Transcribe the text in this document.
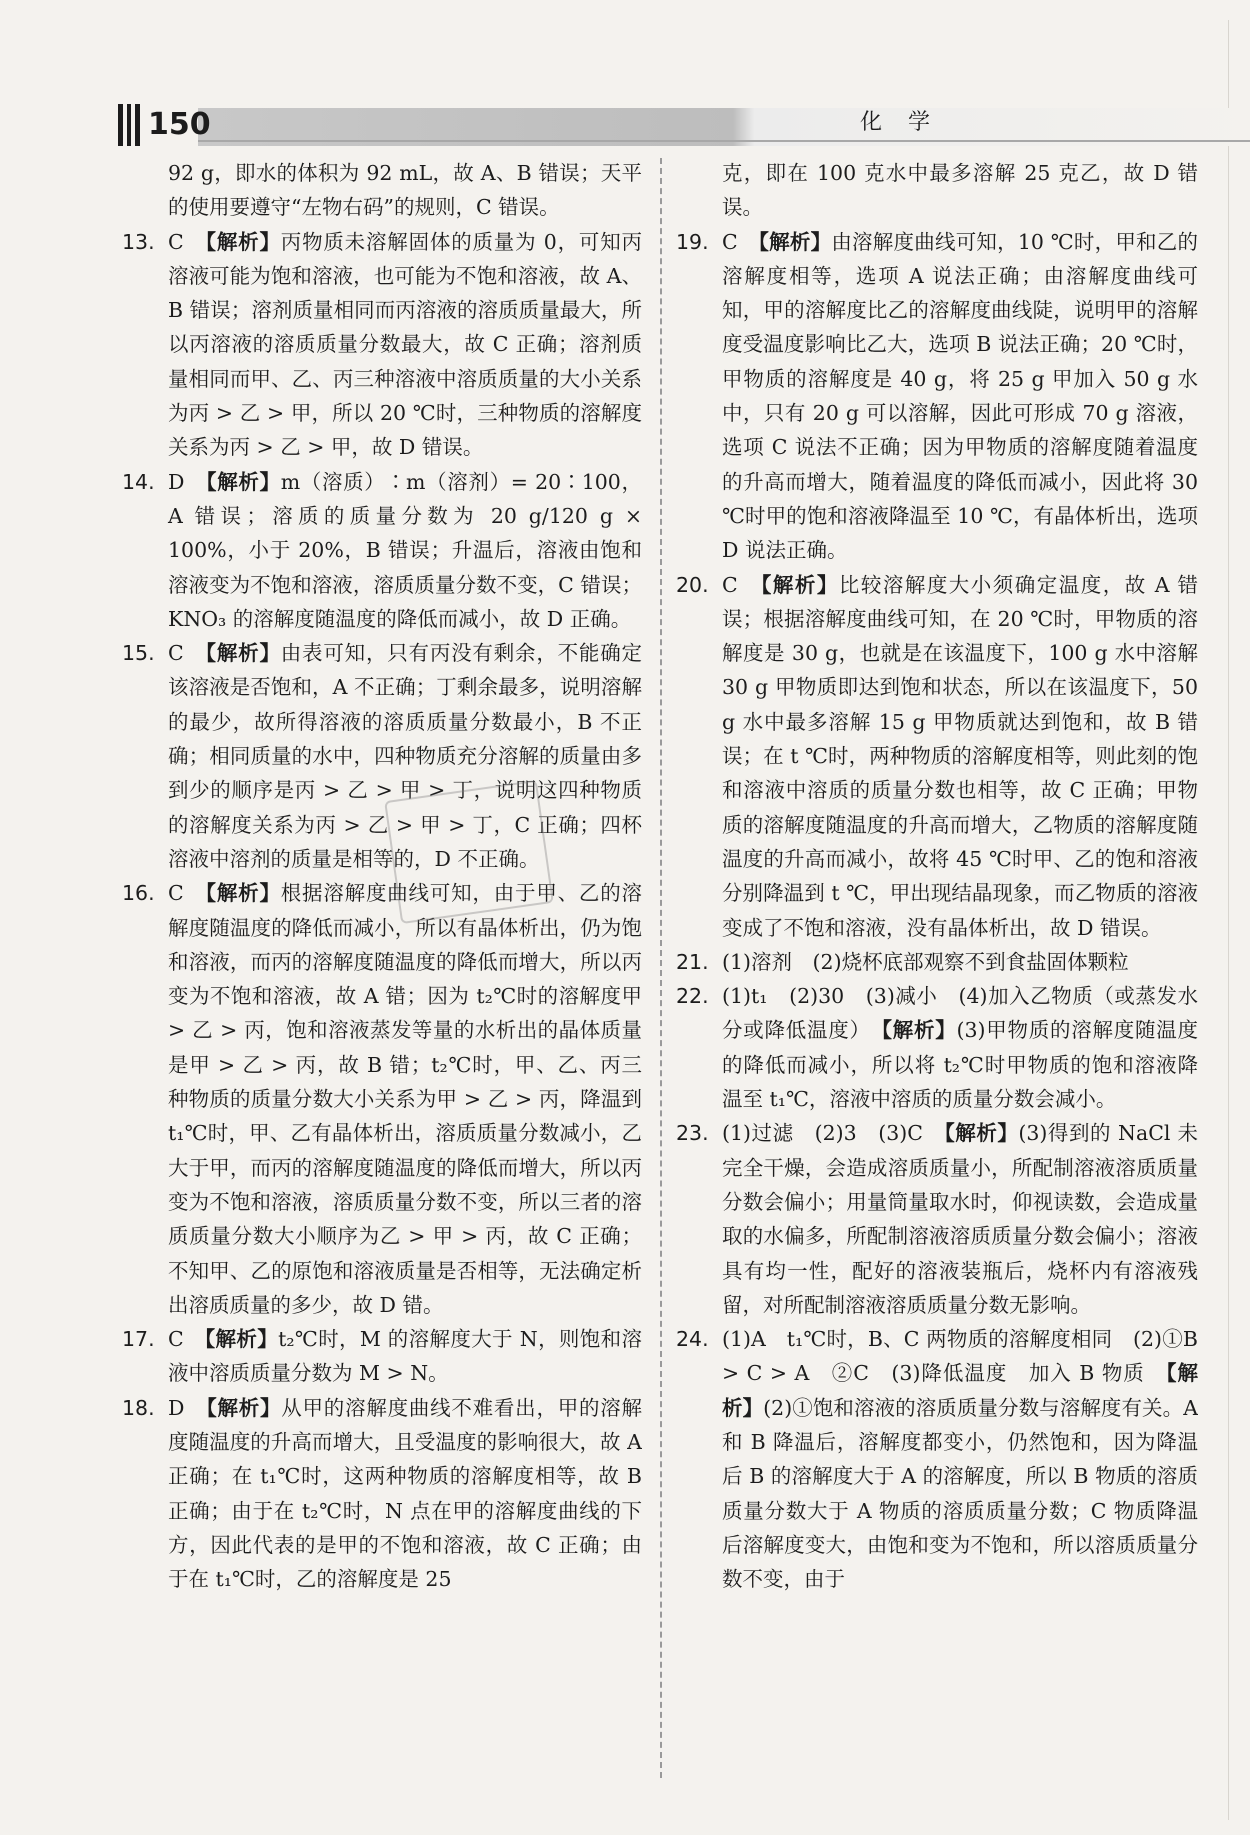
150	化学

92 g，即水的体积为 92 mL，故 A、B 错误；天平的使用要遵守“左物右码”的规则，C 错误。

13. C　【解析】丙物质未溶解固体的质量为 0，可知丙溶液可能为饱和溶液，也可能为不饱和溶液，故 A、B 错误；溶剂质量相同而丙溶液的溶质质量最大，所以丙溶液的溶质质量分数最大，故 C 正确；溶剂质量相同而甲、乙、丙三种溶液中溶质质量的大小关系为丙 > 乙 > 甲，所以 20 ℃时，三种物质的溶解度关系为丙 > 乙 > 甲，故 D 错误。

14. D　【解析】m（溶质）∶m（溶剂）= 20∶100，A 错误；溶质的质量分数为 20 g/120 g × 100%，小于 20%，B 错误；升温后，溶液由饱和溶液变为不饱和溶液，溶质质量分数不变，C 错误；KNO₃ 的溶解度随温度的降低而减小，故 D 正确。

15. C　【解析】由表可知，只有丙没有剩余，不能确定该溶液是否饱和，A 不正确；丁剩余最多，说明溶解的最少，故所得溶液的溶质质量分数最小，B 不正确；相同质量的水中，四种物质充分溶解的质量由多到少的顺序是丙 > 乙 > 甲 > 丁，说明这四种物质的溶解度关系为丙 > 乙 > 甲 > 丁，C 正确；四杯溶液中溶剂的质量是相等的，D 不正确。

16. C　【解析】根据溶解度曲线可知，由于甲、乙的溶解度随温度的降低而减小，所以有晶体析出，仍为饱和溶液，而丙的溶解度随温度的降低而增大，所以丙变为不饱和溶液，故 A 错；因为 t₂℃时的溶解度甲 > 乙 > 丙，饱和溶液蒸发等量的水析出的晶体质量是甲 > 乙 > 丙，故 B 错；t₂℃时，甲、乙、丙三种物质的质量分数大小关系为甲 > 乙 > 丙，降温到 t₁℃时，甲、乙有晶体析出，溶质质量分数减小，乙大于甲，而丙的溶解度随温度的降低而增大，所以丙变为不饱和溶液，溶质质量分数不变，所以三者的溶质质量分数大小顺序为乙 > 甲 > 丙，故 C 正确；不知甲、乙的原饱和溶液质量是否相等，无法确定析出溶质质量的多少，故 D 错。

17. C　【解析】t₂℃时，M 的溶解度大于 N，则饱和溶液中溶质质量分数为 M > N。

18. D　【解析】从甲的溶解度曲线不难看出，甲的溶解度随温度的升高而增大，且受温度的影响很大，故 A 正确；在 t₁℃时，这两种物质的溶解度相等，故 B 正确；由于在 t₂℃时，N 点在甲的溶解度曲线的下方，因此代表的是甲的不饱和溶液，故 C 正确；由于在 t₁℃时，乙的溶解度是 25

克，即在 100 克水中最多溶解 25 克乙，故 D 错误。

19. C　【解析】由溶解度曲线可知，10 ℃时，甲和乙的溶解度相等，选项 A 说法正确；由溶解度曲线可知，甲的溶解度比乙的溶解度曲线陡，说明甲的溶解度受温度影响比乙大，选项 B 说法正确；20 ℃时，甲物质的溶解度是 40 g，将 25 g 甲加入 50 g 水中，只有 20 g 可以溶解，因此可形成 70 g 溶液，选项 C 说法不正确；因为甲物质的溶解度随着温度的升高而增大，随着温度的降低而减小，因此将 30 ℃时甲的饱和溶液降温至 10 ℃，有晶体析出，选项 D 说法正确。

20. C　【解析】比较溶解度大小须确定温度，故 A 错误；根据溶解度曲线可知，在 20 ℃时，甲物质的溶解度是 30 g，也就是在该温度下，100 g 水中溶解 30 g 甲物质即达到饱和状态，所以在该温度下，50 g 水中最多溶解 15 g 甲物质就达到饱和，故 B 错误；在 t ℃时，两种物质的溶解度相等，则此刻的饱和溶液中溶质的质量分数也相等，故 C 正确；甲物质的溶解度随温度的升高而增大，乙物质的溶解度随温度的升高而减小，故将 45 ℃时甲、乙的饱和溶液分别降温到 t ℃，甲出现结晶现象，而乙物质的溶液变成了不饱和溶液，没有晶体析出，故 D 错误。

21. (1)溶剂　(2)烧杯底部观察不到食盐固体颗粒

22. (1)t₁　(2)30　(3)减小　(4)加入乙物质（或蒸发水分或降低温度）　【解析】(3)甲物质的溶解度随温度的降低而减小，所以将 t₂℃时甲物质的饱和溶液降温至 t₁℃，溶液中溶质的质量分数会减小。

23. (1)过滤　(2)3　(3)C　【解析】(3)得到的 NaCl 未完全干燥，会造成溶质质量小，所配制溶液溶质质量分数会偏小；用量筒量取水时，仰视读数，会造成量取的水偏多，所配制溶液溶质质量分数会偏小；溶液具有均一性，配好的溶液装瓶后，烧杯内有溶液残留，对所配制溶液溶质质量分数无影响。

24. (1)A　t₁℃时，B、C 两物质的溶解度相同　(2)①B > C > A　②C　(3)降低温度　加入 B 物质　【解析】(2)①饱和溶液的溶质质量分数与溶解度有关。A 和 B 降温后，溶解度都变小，仍然饱和，因为降温后 B 的溶解度大于 A 的溶解度，所以 B 物质的溶质质量分数大于 A 物质的溶质质量分数；C 物质降温后溶解度变大，由饱和变为不饱和，所以溶质质量分数不变，由于
